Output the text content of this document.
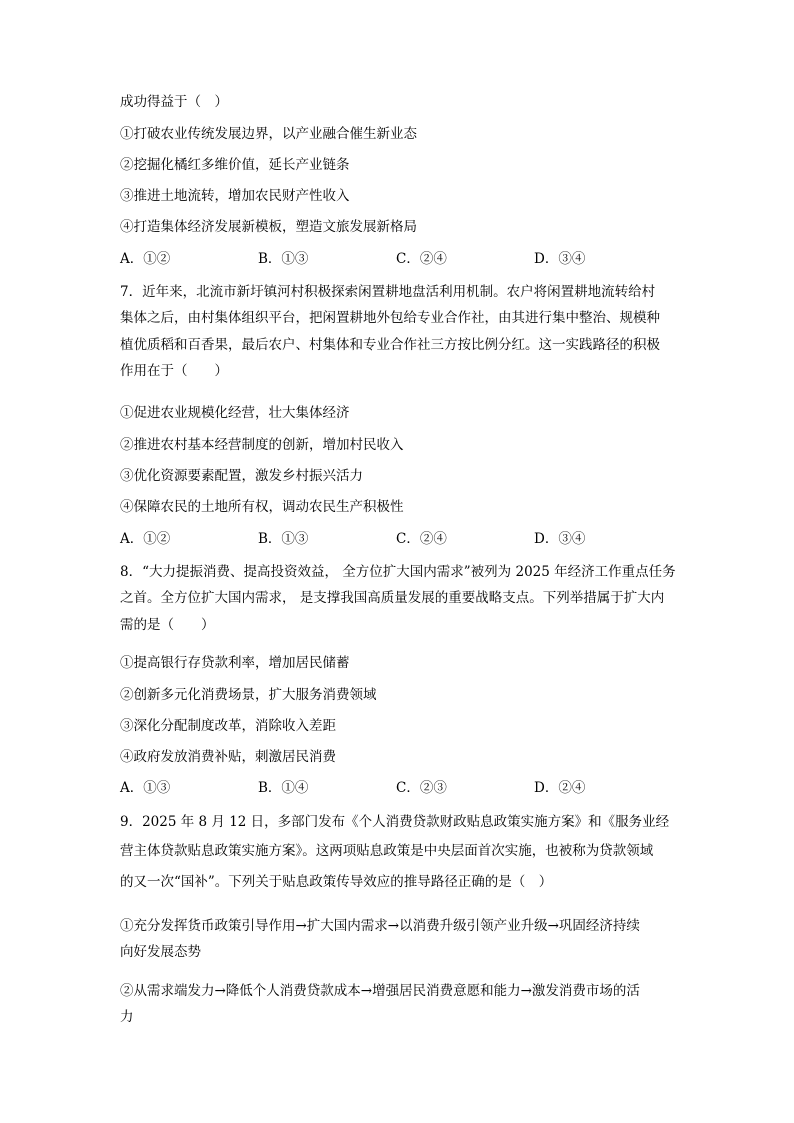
成功得益于（　）
①打破农业传统发展边界，以产业融合催生新业态
②挖掘化橘红多维价值，延长产业链条
③推进土地流转，增加农民财产性收入
④打造集体经济发展新模板，塑造文旅发展新格局
A．①②	B．①③	C．②④	D．③④
7．近年来，北流市新圩镇河村积极探索闲置耕地盘活利用机制。农户将闲置耕地流转给村
集体之后，由村集体组织平台，把闲置耕地外包给专业合作社，由其进行集中整治、规模种
植优质稻和百香果，最后农户、村集体和专业合作社三方按比例分红。这一实践路径的积极
作用在于（　　）
①促进农业规模化经营，壮大集体经济
②推进农村基本经营制度的创新，增加村民收入
③优化资源要素配置，激发乡村振兴活力
④保障农民的土地所有权，调动农民生产积极性
A．①②	B．①③	C．②④	D．③④
8．“大力提振消费、提高投资效益， 全方位扩大国内需求”被列为 2025 年经济工作重点任务
之首。全方位扩大国内需求， 是支撑我国高质量发展的重要战略支点。下列举措属于扩大内
需的是（　　）
①提高银行存贷款利率，增加居民储蓄
②创新多元化消费场景，扩大服务消费领域
③深化分配制度改革，消除收入差距
④政府发放消费补贴，刺激居民消费
A．①③	B．①④	C．②③	D．②④
9．2025 年 8 月 12 日，多部门发布《个人消费贷款财政贴息政策实施方案》和《服务业经
营主体贷款贴息政策实施方案》。这两项贴息政策是中央层面首次实施，也被称为贷款领域
的又一次“国补”。下列关于贴息政策传导效应的推导路径正确的是（　）
①充分发挥货币政策引导作用→扩大国内需求→以消费升级引领产业升级→巩固经济持续
向好发展态势
②从需求端发力→降低个人消费贷款成本→增强居民消费意愿和能力→激发消费市场的活
力
